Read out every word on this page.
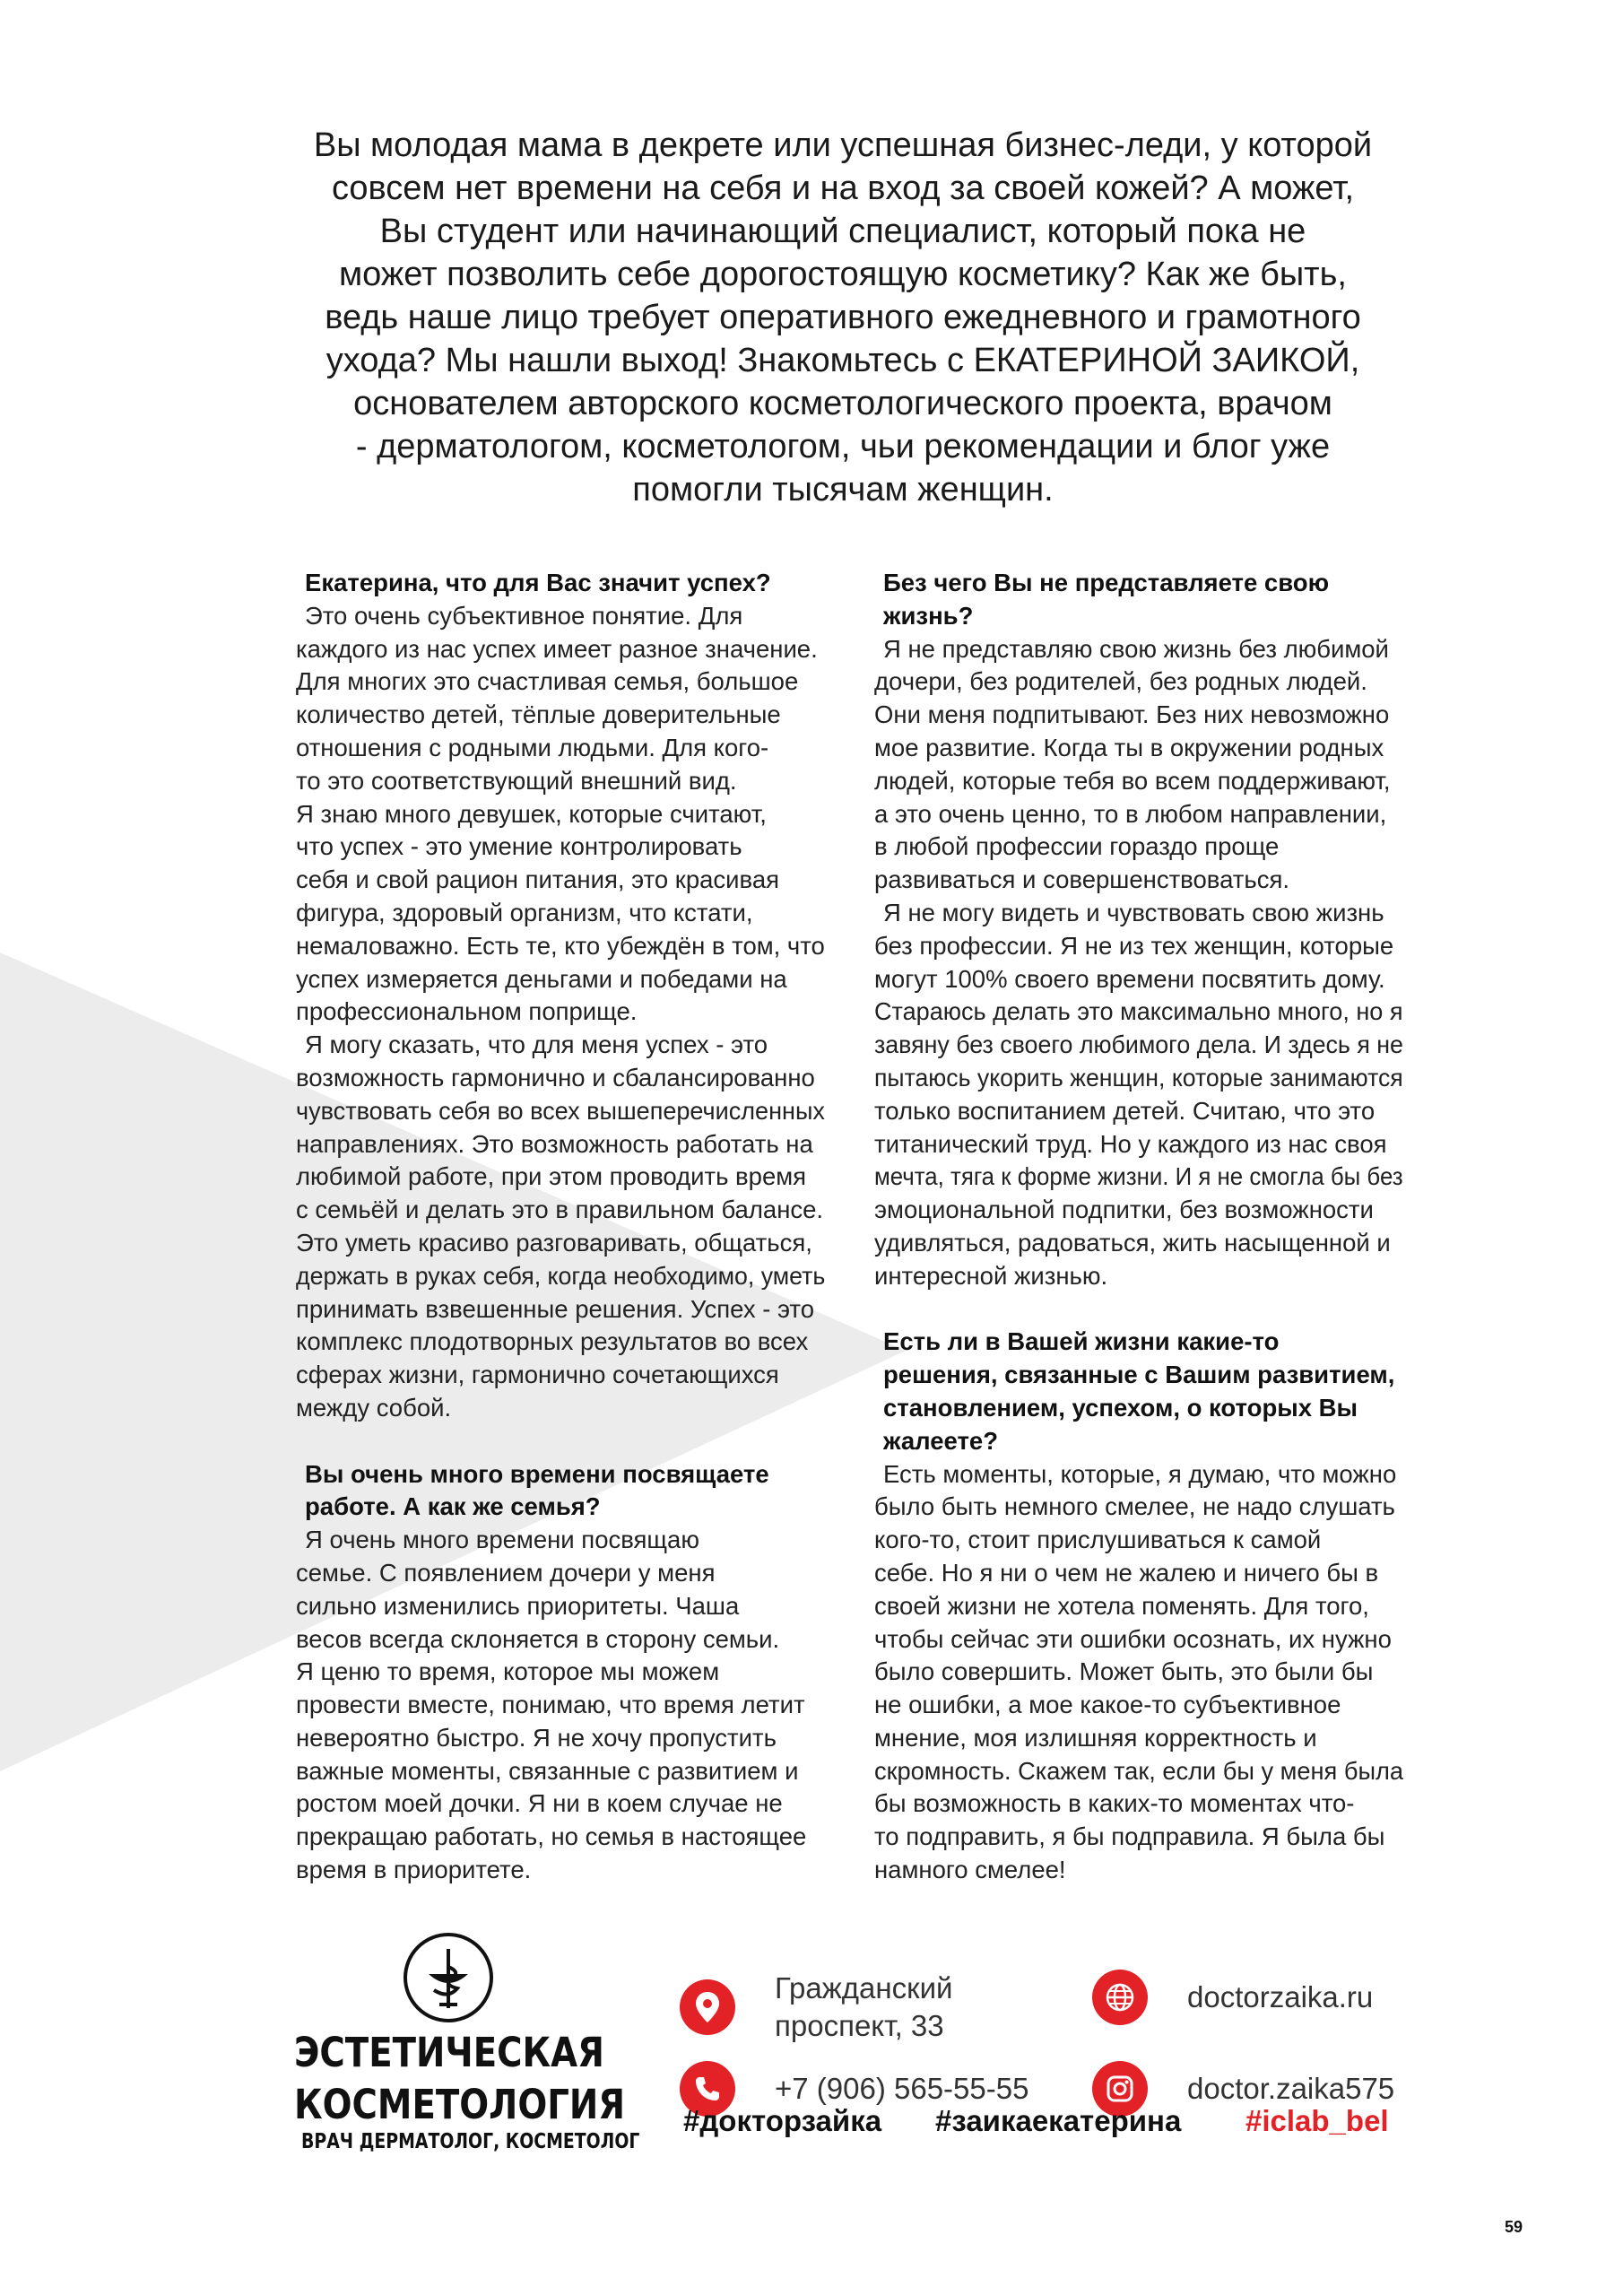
Вы молодая мама в декрете или успешная бизнес-леди, у которой
совсем нет времени на себя и на вход за своей кожей? А может,
Вы студент или начинающий специалист, который пока не
может позволить себе дорогостоящую косметику? Как же быть,
ведь наше лицо требует оперативного ежедневного и грамотного
ухода? Мы нашли выход! Знакомьтесь с ЕКАТЕРИНОЙ ЗАИКОЙ,
основателем авторского косметологического проекта, врачом
- дерматологом, косметологом, чьи рекомендации и блог уже
помогли тысячам женщин.
Екатерина, что для Вас значит успех?
Это очень субъективное понятие. Для
каждого из нас успех имеет разное значение.
Для многих это счастливая семья, большое
количество детей, тёплые доверительные
отношения с родными людьми. Для кого-
то это соответствующий внешний вид.
Я знаю много девушек, которые считают,
что успех - это умение контролировать
себя и свой рацион питания, это красивая
фигура, здоровый организм, что кстати,
немаловажно. Есть те, кто убеждён в том, что
успех измеряется деньгами и победами на
профессиональном поприще.
Я могу сказать, что для меня успех - это
возможность гармонично и сбалансированно
чувствовать себя во всех вышеперечисленных
направлениях. Это возможность работать на
любимой работе, при этом проводить время
с семьёй и делать это в правильном балансе.
Это уметь красиво разговаривать, общаться,
держать в руках себя, когда необходимо, уметь
принимать взвешенные решения. Успех - это
комплекс плодотворных результатов во всех
сферах жизни, гармонично сочетающихся
между собой.
Вы очень много времени посвящаете
работе. А как же семья?
Я очень много времени посвящаю
семье. С появлением дочери у меня
сильно изменились приоритеты. Чаша
весов всегда склоняется в сторону семьи.
Я ценю то время, которое мы можем
провести вместе, понимаю, что время летит
невероятно быстро. Я не хочу пропустить
важные моменты, связанные с развитием и
ростом моей дочки. Я ни в коем случае не
прекращаю работать, но семья в настоящее
время в приоритете.
Без чего Вы не представляете свою
жизнь?
Я не представляю свою жизнь без любимой
дочери, без родителей, без родных людей.
Они меня подпитывают. Без них невозможно
мое развитие. Когда ты в окружении родных
людей, которые тебя во всем поддерживают,
а это очень ценно, то в любом направлении,
в любой профессии гораздо проще
развиваться и совершенствоваться.
Я не могу видеть и чувствовать свою жизнь
без профессии. Я не из тех женщин, которые
могут 100% своего времени посвятить дому.
Стараюсь делать это максимально много, но я
завяну без своего любимого дела. И здесь я не
пытаюсь укорить женщин, которые занимаются
только воспитанием детей. Считаю, что это
титанический труд. Но у каждого из нас своя
мечта, тяга к форме жизни. И я не смогла бы без
эмоциональной подпитки, без возможности
удивляться, радоваться, жить насыщенной и
интересной жизнью.
Есть ли в Вашей жизни какие-то
решения, связанные с Вашим развитием,
становлением, успехом, о которых Вы
жалеете?
Есть моменты, которые, я думаю, что можно
было быть немного смелее, не надо слушать
кого-то, стоит прислушиваться к самой
себе. Но я ни о чем не жалею и ничего бы в
своей жизни не хотела поменять. Для того,
чтобы сейчас эти ошибки осознать, их нужно
было совершить. Может быть, это были бы
не ошибки, а мое какое-то субъективное
мнение, моя излишняя корректность и
скромность. Скажем так, если бы у меня была
бы возможность в каких-то моментах что-
то подправить, я бы подправила. Я была бы
намного смелее!
ЭСТЕТИЧЕСКАЯ
КОСМЕТОЛОГИЯ
ВРАЧ ДЕРМАТОЛОГ, КОСМЕТОЛОГ
Гражданский
проспект, 33
+7 (906) 565-55-55
doctorzaika.ru
doctor.zaika575
#докторзайка #заикаекатерина #iclab_bel
59
